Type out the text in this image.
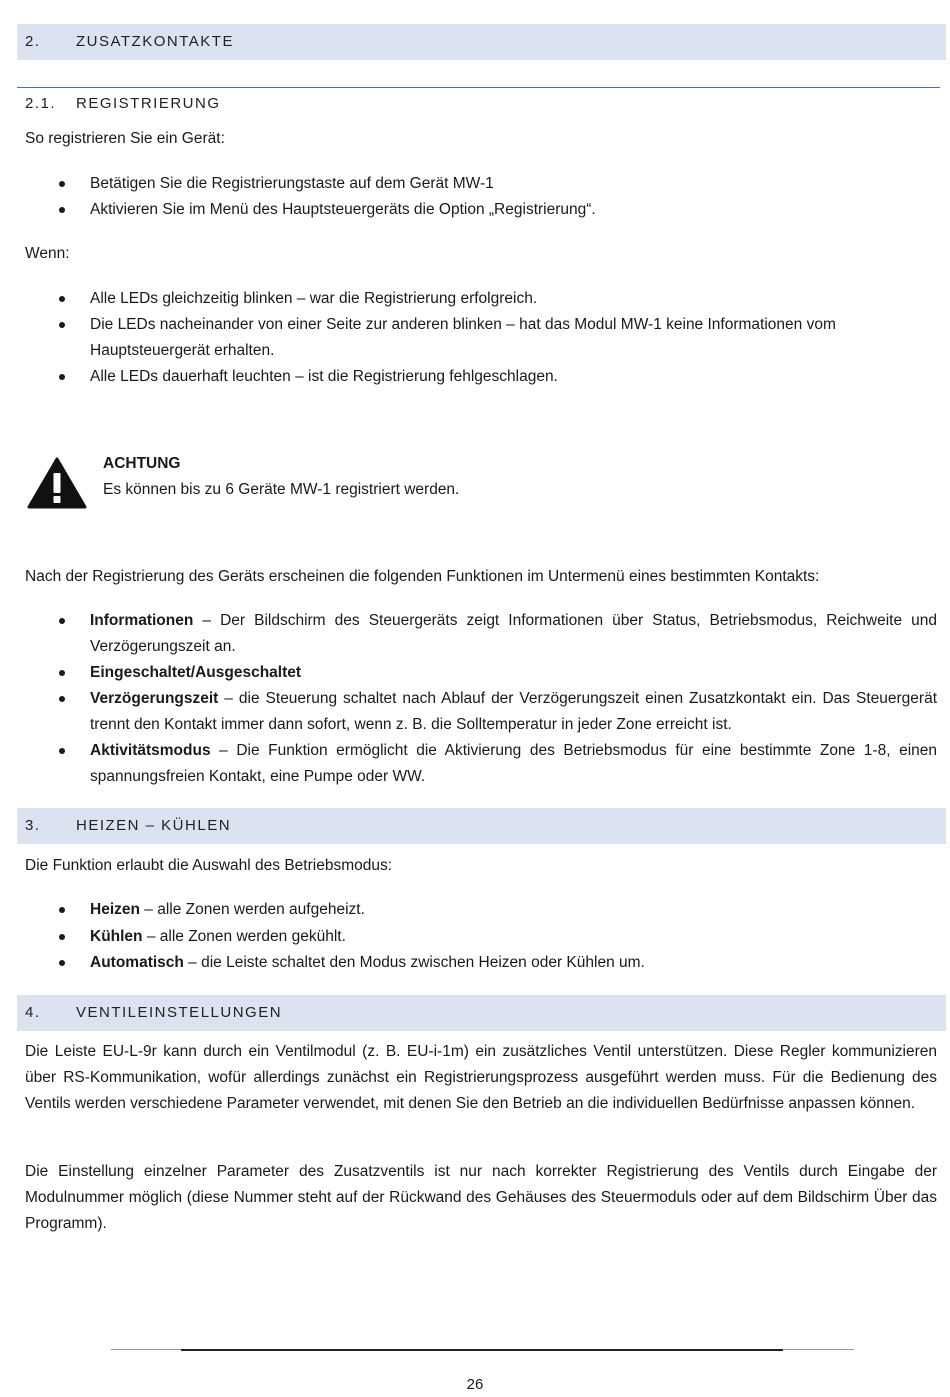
2. ZUSATZKONTAKTE
2.1. REGISTRIERUNG
So registrieren Sie ein Gerät:
Betätigen Sie die Registrierungstaste auf dem Gerät MW-1
Aktivieren Sie im Menü des Hauptsteuergeräts die Option „Registrierung“.
Wenn:
Alle LEDs gleichzeitig blinken – war die Registrierung erfolgreich.
Die LEDs nacheinander von einer Seite zur anderen blinken – hat das Modul MW-1 keine Informationen vom Hauptsteuergerät erhalten.
Alle LEDs dauerhaft leuchten – ist die Registrierung fehlgeschlagen.
ACHTUNG
Es können bis zu 6 Geräte MW-1 registriert werden.
Nach der Registrierung des Geräts erscheinen die folgenden Funktionen im Untermenü eines bestimmten Kontakts:
Informationen – Der Bildschirm des Steuergeräts zeigt Informationen über Status, Betriebsmodus, Reichweite und Verzögerungszeit an.
Eingeschaltet/Ausgeschaltet
Verzögerungszeit – die Steuerung schaltet nach Ablauf der Verzögerungszeit einen Zusatzkontakt ein. Das Steuergerät trennt den Kontakt immer dann sofort, wenn z. B. die Solltemperatur in jeder Zone erreicht ist.
Aktivitätsmodus – Die Funktion ermöglicht die Aktivierung des Betriebsmodus für eine bestimmte Zone 1-8, einen spannungsfreien Kontakt, eine Pumpe oder WW.
3. HEIZEN – KÜHLEN
Die Funktion erlaubt die Auswahl des Betriebsmodus:
Heizen – alle Zonen werden aufgeheizt.
Kühlen – alle Zonen werden gekühlt.
Automatisch – die Leiste schaltet den Modus zwischen Heizen oder Kühlen um.
4. VENTILEINSTELLUNGEN
Die Leiste EU-L-9r kann durch ein Ventilmodul (z. B. EU-i-1m) ein zusätzliches Ventil unterstützen. Diese Regler kommunizieren über RS-Kommunikation, wofür allerdings zunächst ein Registrierungsprozess ausgeführt werden muss. Für die Bedienung des Ventils werden verschiedene Parameter verwendet, mit denen Sie den Betrieb an die individuellen Bedürfnisse anpassen können.
Die Einstellung einzelner Parameter des Zusatzventils ist nur nach korrekter Registrierung des Ventils durch Eingabe der Modulnummer möglich (diese Nummer steht auf der Rückwand des Gehäuses des Steuermoduls oder auf dem Bildschirm Über das Programm).
26
